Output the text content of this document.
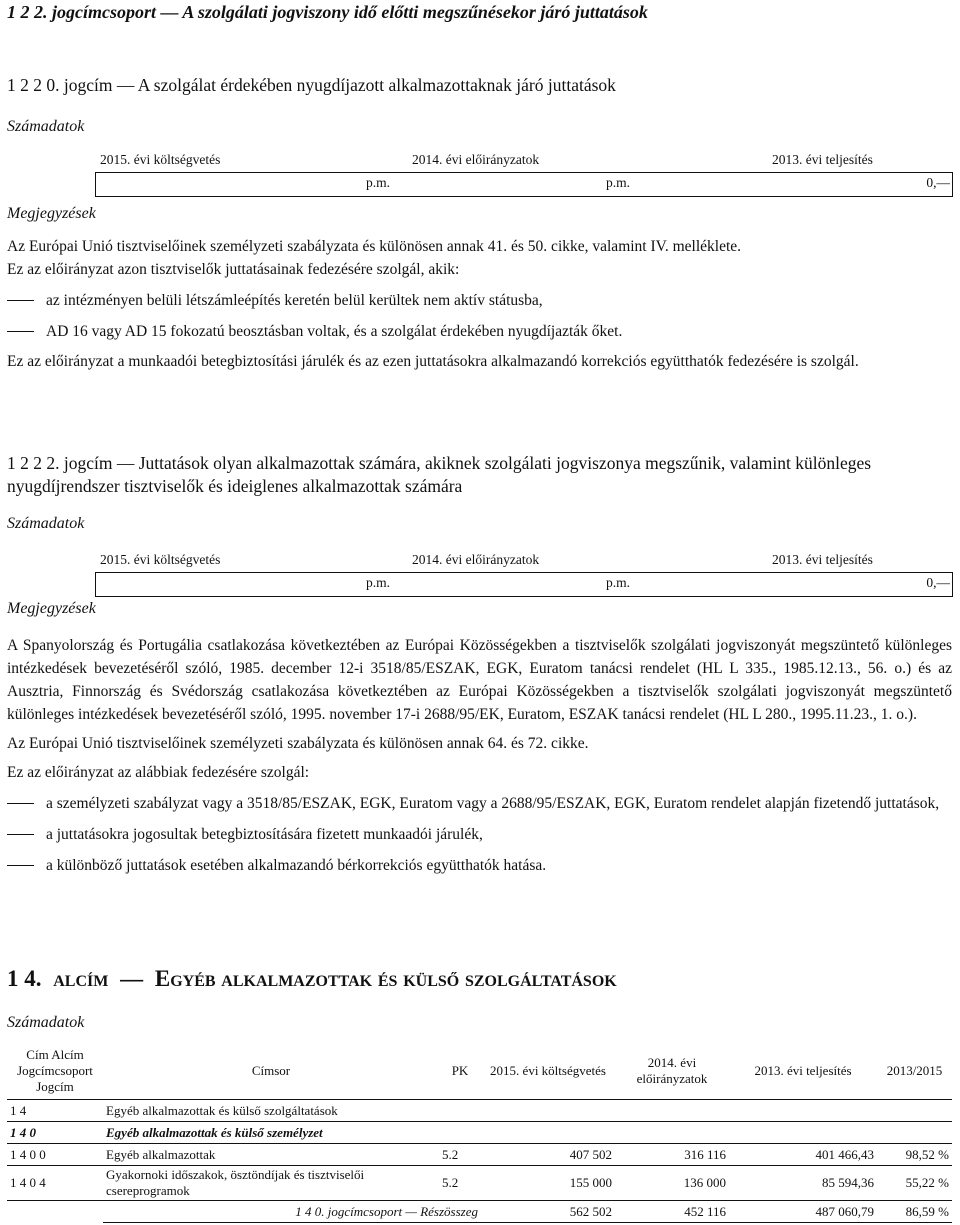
1 2 2. jogcímcsoport — A szolgálati jogviszony idő előtti megszűnésekor járó juttatások
1 2 2 0. jogcím — A szolgálat érdekében nyugdíjazott alkalmazottaknak járó juttatások
Számadatok
2015. évi költségvetés	2014. évi előirányzatok	2013. évi teljesítés
p.m.	p.m.	0,—
Megjegyzések
Az Európai Unió tisztviselőinek személyzeti szabályzata és különösen annak 41. és 50. cikke, valamint IV. melléklete.
Ez az előirányzat azon tisztviselők juttatásainak fedezésére szolgál, akik:
az intézményen belüli létszámleépítés keretén belül kerültek nem aktív státusba,
AD 16 vagy AD 15 fokozatú beosztásban voltak, és a szolgálat érdekében nyugdíjazták őket.
Ez az előirányzat a munkaadói betegbiztosítási járulék és az ezen juttatásokra alkalmazandó korrekciós együtthatók fedezésére is szolgál.
1 2 2 2. jogcím — Juttatások olyan alkalmazottak számára, akiknek szolgálati jogviszonya megszűnik, valamint különleges nyugdíjrendszer tisztviselők és ideiglenes alkalmazottak számára
Számadatok
2015. évi költségvetés	2014. évi előirányzatok	2013. évi teljesítés
p.m.	p.m.	0,—
Megjegyzések
A Spanyolország és Portugália csatlakozása következtében az Európai Közösségekben a tisztviselők szolgálati jogviszonyát megszüntető különleges intézkedések bevezetéséről szóló, 1985. december 12-i 3518/85/ESZAK, EGK, Euratom tanácsi rendelet (HL L 335., 1985.12.13., 56. o.) és az Ausztria, Finnország és Svédország csatlakozása következtében az Európai Közösségekben a tisztviselők szolgálati jogviszonyát megszüntető különleges intézkedések bevezetéséről szóló, 1995. november 17-i 2688/95/EK, Euratom, ESZAK tanácsi rendelet (HL L 280., 1995.11.23., 1. o.).
Az Európai Unió tisztviselőinek személyzeti szabályzata és különösen annak 64. és 72. cikke.
Ez az előirányzat az alábbiak fedezésére szolgál:
a személyzeti szabályzat vagy a 3518/85/ESZAK, EGK, Euratom vagy a 2688/95/ESZAK, EGK, Euratom rendelet alapján fizetendő juttatások,
a juttatásokra jogosultak betegbiztosítására fizetett munkaadói járulék,
a különböző juttatások esetében alkalmazandó bérkorrekciós együtthatók hatása.
1 4. alcím — Egyéb alkalmazottak és külső szolgáltatások
Számadatok
Cím Alcím Jogcímcsoport Jogcím	Címsor	PK	2015. évi költségvetés	2014. évi előirányzatok	2013. évi teljesítés	2013/2015
1 4	Egyéb alkalmazottak és külső szolgáltatások					
1 4 0	Egyéb alkalmazottak és külső személyzet					
1 4 0 0	Egyéb alkalmazottak	5.2	407 502	316 116	401 466,43	98,52 %
1 4 0 4	Gyakornoki időszakok, ösztöndíjak és tisztviselői csereprogramok	5.2	155 000	136 000	85 594,36	55,22 %
	1 4 0. jogcímcsoport — Részösszeg		562 502	452 116	487 060,79	86,59 %
